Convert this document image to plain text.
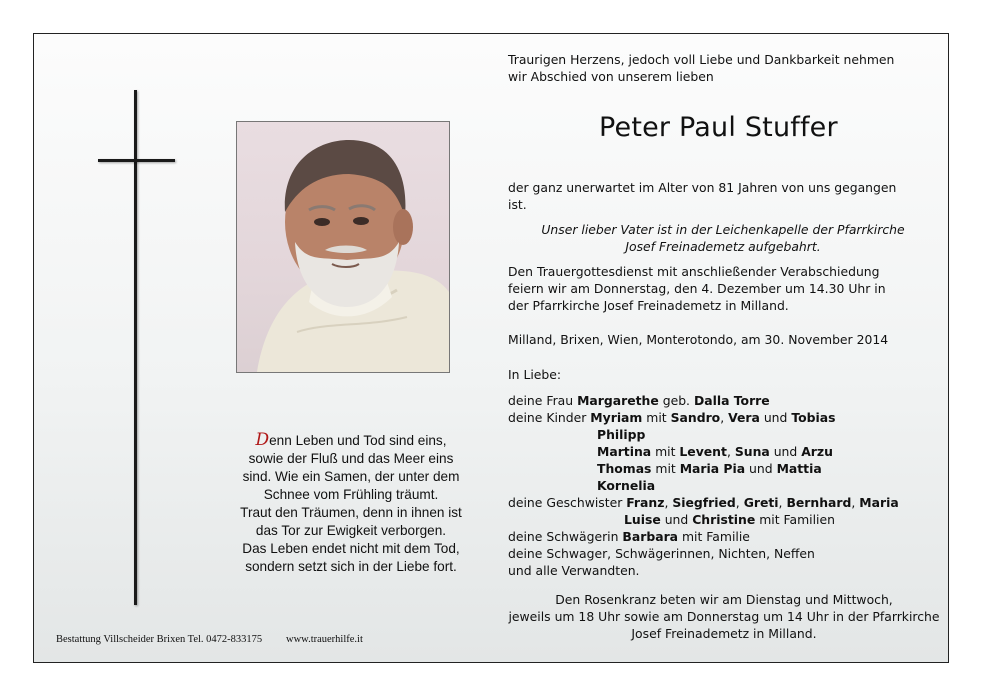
Denn Leben und Tod sind eins,
sowie der Fluß und das Meer eins
sind. Wie ein Samen, der unter dem
Schnee vom Frühling träumt.
Traut den Träumen, denn in ihnen ist
das Tor zur Ewigkeit verborgen.
Das Leben endet nicht mit dem Tod,
sondern setzt sich in der Liebe fort.
Bestattung Villscheider Brixen Tel. 0472-833175 www.trauerhilfe.it
Traurigen Herzens, jedoch voll Liebe und Dankbarkeit nehmen
wir Abschied von unserem lieben
Peter Paul Stuffer
der ganz unerwartet im Alter von 81 Jahren von uns gegangen
ist.
Unser lieber Vater ist in der Leichenkapelle der Pfarrkirche
Josef Freinademetz aufgebahrt.
Den Trauergottesdienst mit anschließender Verabschiedung
feiern wir am Donnerstag, den 4. Dezember um 14.30 Uhr in
der Pfarrkirche Josef Freinademetz in Milland.
Milland, Brixen, Wien, Monterotondo, am 30. November 2014
In Liebe:
deine Frau Margarethe geb. Dalla Torre
deine Kinder Myriam mit Sandro, Vera und Tobias
Philipp
Martina mit Levent, Suna und Arzu
Thomas mit Maria Pia und Mattia
Kornelia
deine Geschwister Franz, Siegfried, Greti, Bernhard, Maria
Luise und Christine mit Familien
deine Schwägerin Barbara mit Familie
deine Schwager, Schwägerinnen, Nichten, Neffen
und alle Verwandten.
Den Rosenkranz beten wir am Dienstag und Mittwoch,
jeweils um 18 Uhr sowie am Donnerstag um 14 Uhr in der Pfarrkirche
Josef Freinademetz in Milland.
